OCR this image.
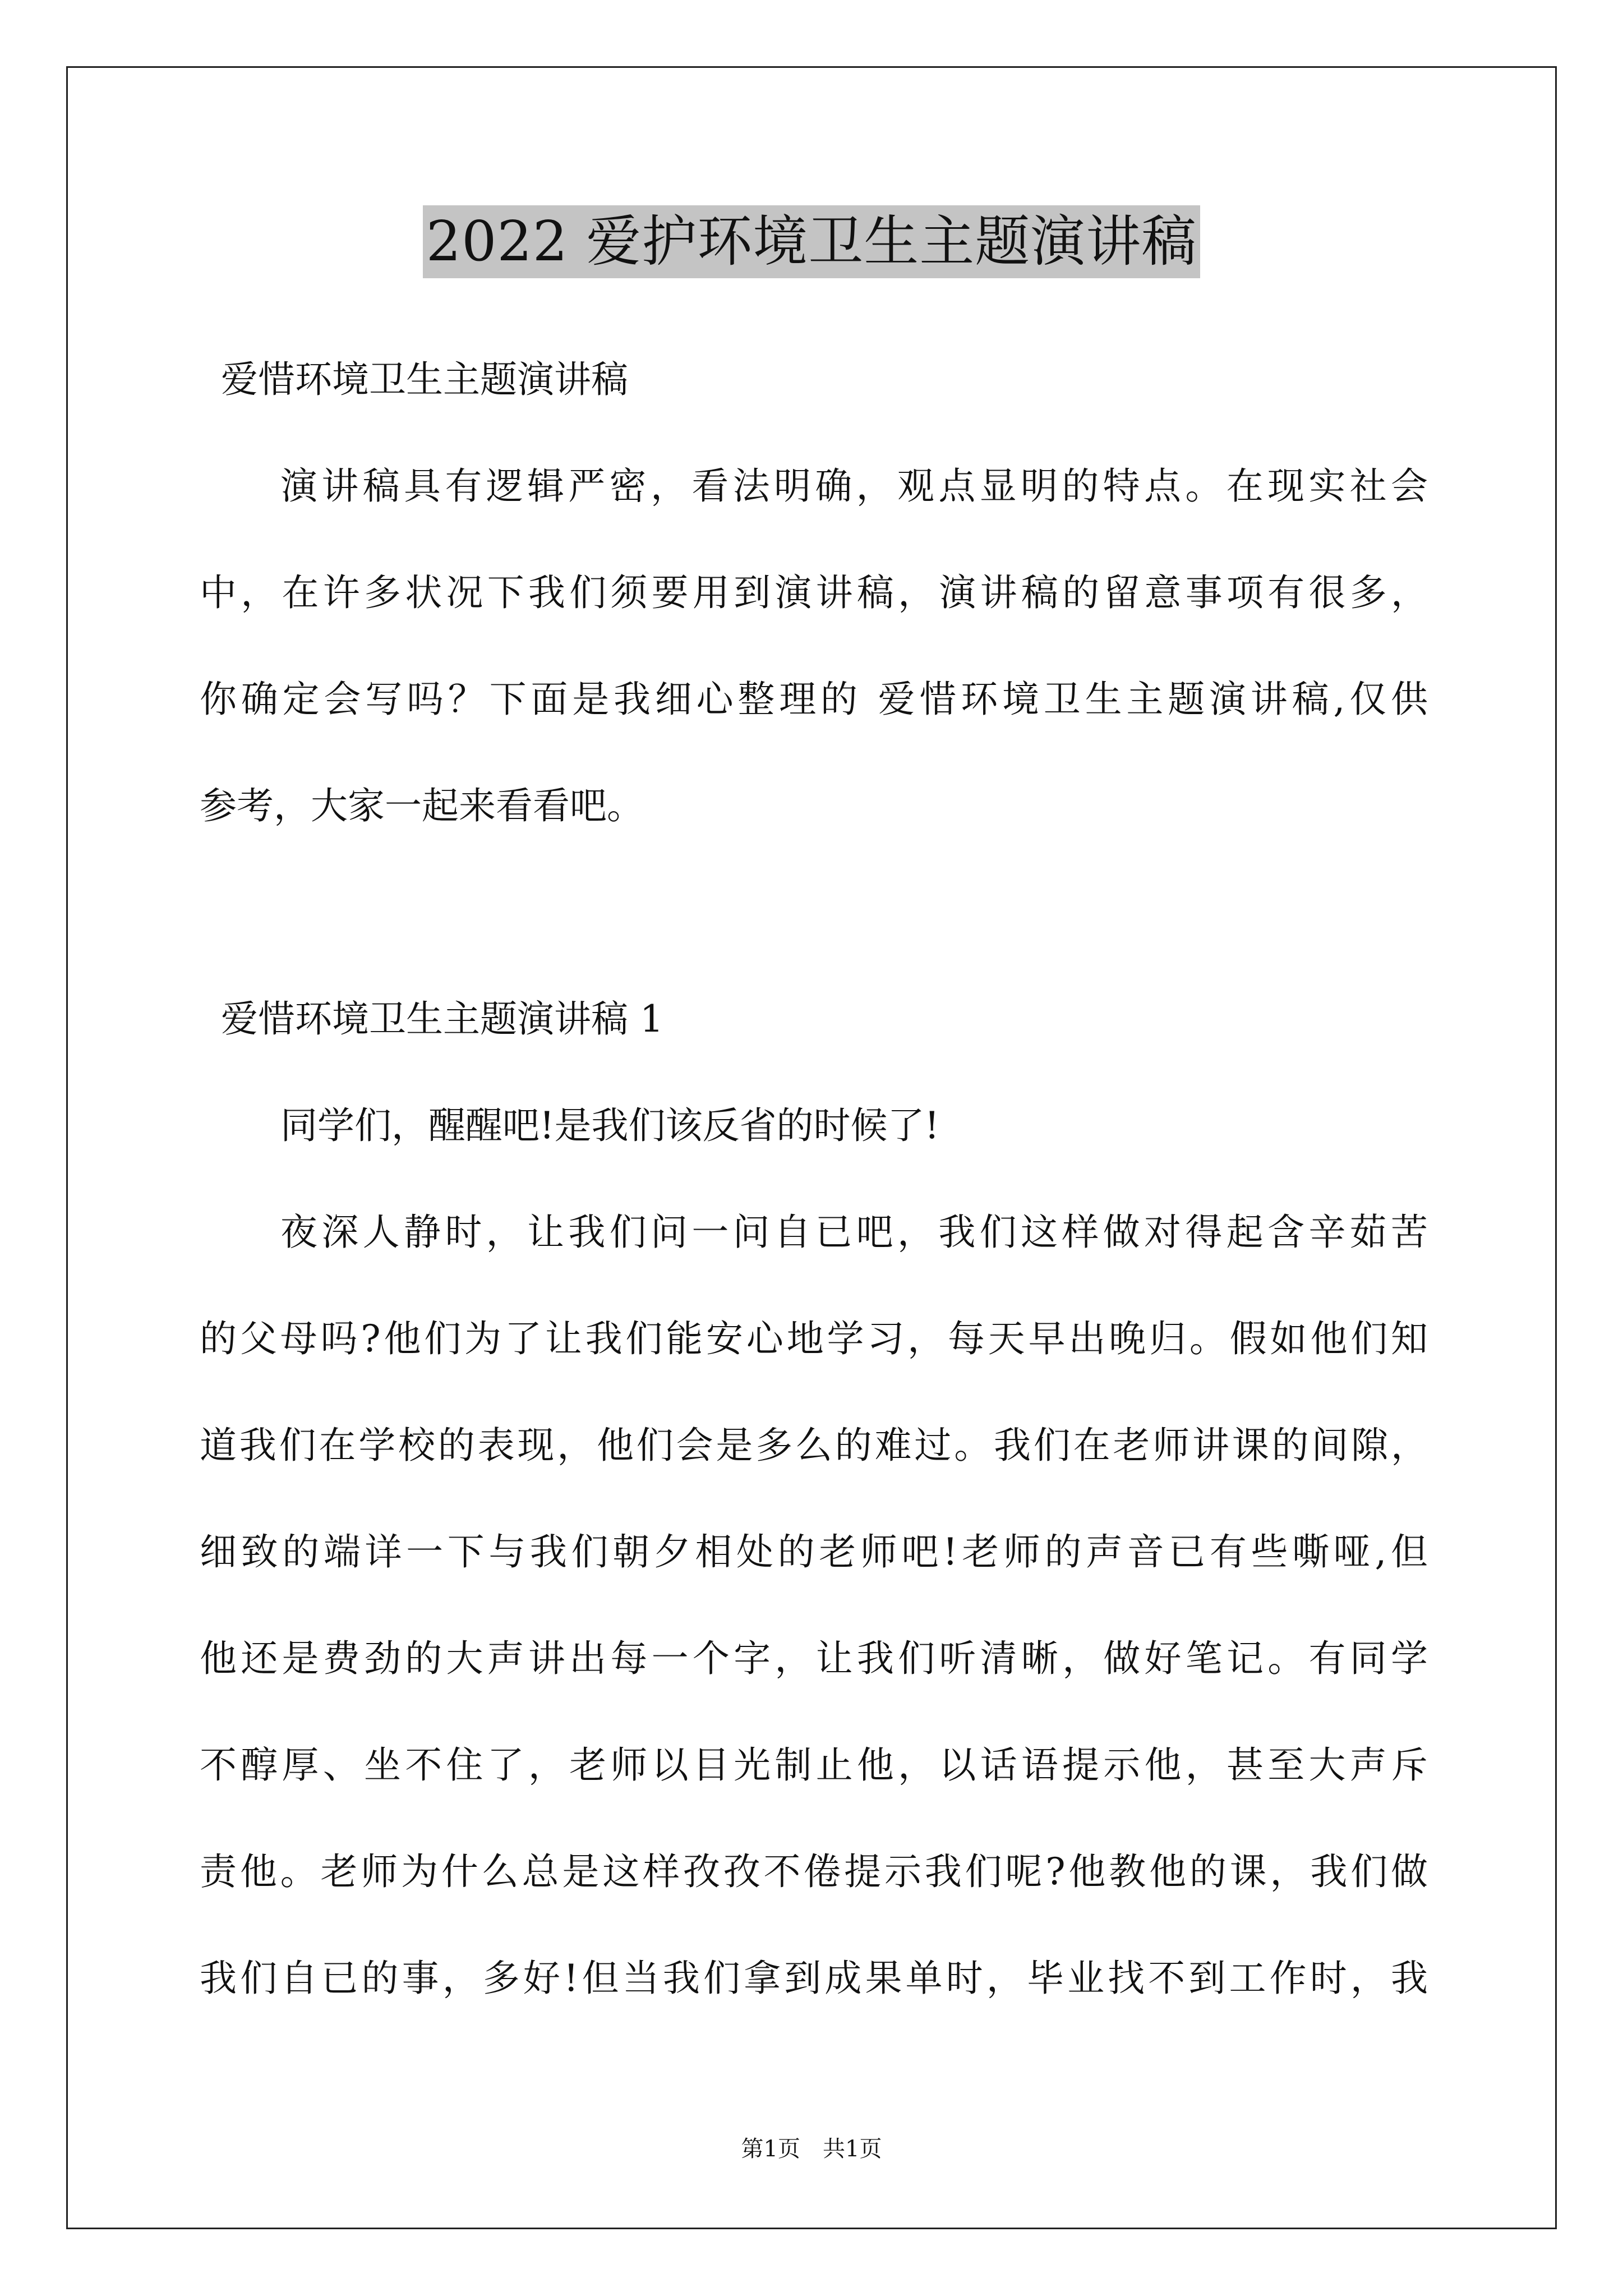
2022 爱护环境卫生主题演讲稿
爱惜环境卫生主题演讲稿
演讲稿具有逻辑严密，看法明确，观点显明的特点。在现实社会
中，在许多状况下我们须要用到演讲稿，演讲稿的留意事项有很多，
你确定会写吗？下面是我细心整理的 爱惜环境卫生主题演讲稿,仅供
参考，大家一起来看看吧。
爱惜环境卫生主题演讲稿 1
同学们，醒醒吧!是我们该反省的时候了!
夜深人静时，让我们问一问自已吧，我们这样做对得起含辛茹苦
的父母吗?他们为了让我们能安心地学习，每天早出晚归。假如他们知
道我们在学校的表现，他们会是多么的难过。我们在老师讲课的间隙，
细致的端详一下与我们朝夕相处的老师吧!老师的声音已有些嘶哑,但
他还是费劲的大声讲出每一个字，让我们听清晰，做好笔记。有同学
不醇厚、坐不住了，老师以目光制止他，以话语提示他，甚至大声斥
责他。老师为什么总是这样孜孜不倦提示我们呢?他教他的课，我们做
我们自已的事，多好!但当我们拿到成果单时，毕业找不到工作时，我
第1页　共1页
